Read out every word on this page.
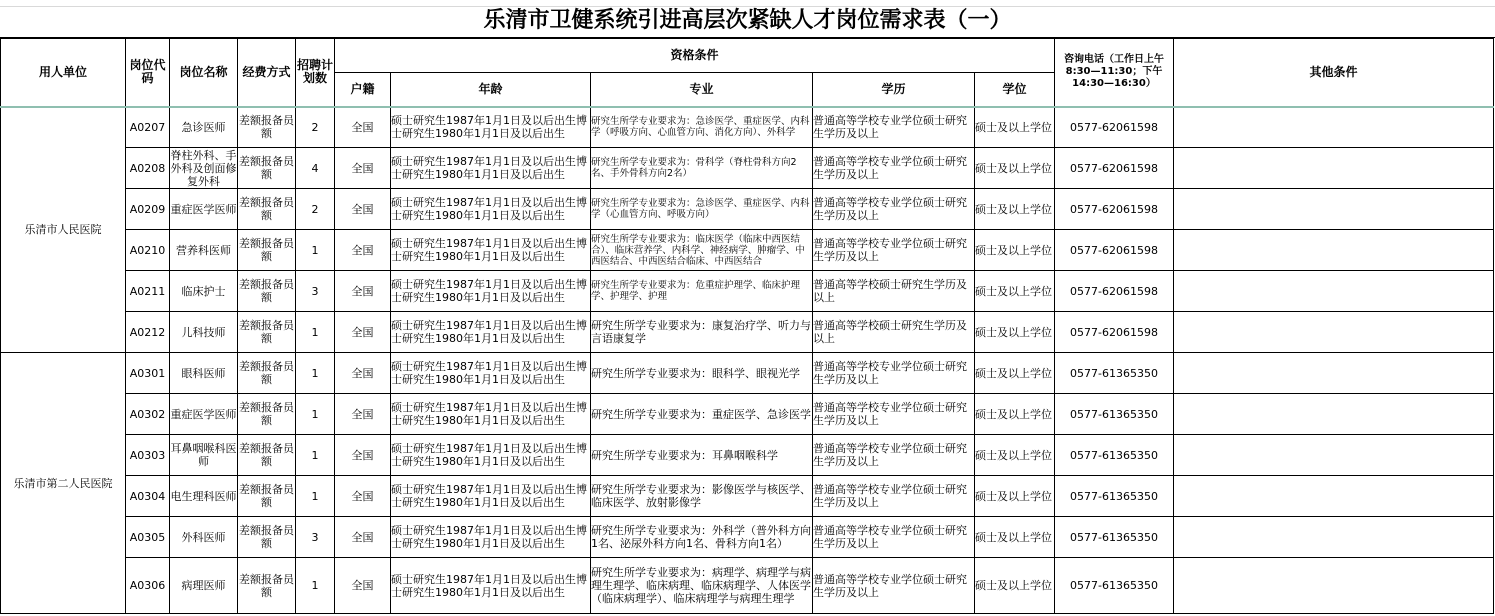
乐清市卫健系统引进高层次紧缺人才岗位需求表（一）
用人单位	岗位代码	岗位名称	经费方式	招聘计划数	资格条件					咨询电话（工作日上午8:30—11:30；下午14:30—16:30）	其他条件
					户籍	年龄	专业	学历	学位		
乐清市人民医院	A0207	急诊医师	差额报备员额	2	全国	硕士研究生1987年1月1日及以后出生博士研究生1980年1月1日及以后出生	研究生所学专业要求为：急诊医学、重症医学、内科学（呼吸方向、心血管方向、消化方向）、外科学	普通高等学校专业学位硕士研究生学历及以上	硕士及以上学位	0577-62061598	
	A0208	脊柱外科、手外科及创面修复外科	差额报备员额	4	全国	硕士研究生1987年1月1日及以后出生博士研究生1980年1月1日及以后出生	研究生所学专业要求为：骨科学（脊柱骨科方向2名、手外骨科方向2名）	普通高等学校专业学位硕士研究生学历及以上	硕士及以上学位	0577-62061598	
	A0209	重症医学医师	差额报备员额	2	全国	硕士研究生1987年1月1日及以后出生博士研究生1980年1月1日及以后出生	研究生所学专业要求为：急诊医学、重症医学、内科学（心血管方向、呼吸方向）	普通高等学校专业学位硕士研究生学历及以上	硕士及以上学位	0577-62061598	
	A0210	营养科医师	差额报备员额	1	全国	硕士研究生1987年1月1日及以后出生博士研究生1980年1月1日及以后出生	研究生所学专业要求为：临床医学（临床中西医结合）、临床营养学、内科学、神经病学、肿瘤学、中西医结合、中西医结合临床、中西医结合	普通高等学校专业学位硕士研究生学历及以上	硕士及以上学位	0577-62061598	
	A0211	临床护士	差额报备员额	3	全国	硕士研究生1987年1月1日及以后出生博士研究生1980年1月1日及以后出生	研究生所学专业要求为：危重症护理学、临床护理学、护理学、护理	普通高等学校硕士研究生学历及以上	硕士及以上学位	0577-62061598	
	A0212	儿科技师	差额报备员额	1	全国	硕士研究生1987年1月1日及以后出生博士研究生1980年1月1日及以后出生	研究生所学专业要求为：康复治疗学、听力与言语康复学	普通高等学校硕士研究生学历及以上	硕士及以上学位	0577-62061598	
乐清市第二人民医院	A0301	眼科医师	差额报备员额	1	全国	硕士研究生1987年1月1日及以后出生博士研究生1980年1月1日及以后出生	研究生所学专业要求为：眼科学、眼视光学	普通高等学校专业学位硕士研究生学历及以上	硕士及以上学位	0577-61365350	
	A0302	重症医学医师	差额报备员额	1	全国	硕士研究生1987年1月1日及以后出生博士研究生1980年1月1日及以后出生	研究生所学专业要求为：重症医学、急诊医学	普通高等学校专业学位硕士研究生学历及以上	硕士及以上学位	0577-61365350	
	A0303	耳鼻咽喉科医师	差额报备员额	1	全国	硕士研究生1987年1月1日及以后出生博士研究生1980年1月1日及以后出生	研究生所学专业要求为：耳鼻咽喉科学	普通高等学校专业学位硕士研究生学历及以上	硕士及以上学位	0577-61365350	
	A0304	电生理科医师	差额报备员额	1	全国	硕士研究生1987年1月1日及以后出生博士研究生1980年1月1日及以后出生	研究生所学专业要求为：影像医学与核医学、临床医学、放射影像学	普通高等学校专业学位硕士研究生学历及以上	硕士及以上学位	0577-61365350	
	A0305	外科医师	差额报备员额	3	全国	硕士研究生1987年1月1日及以后出生博士研究生1980年1月1日及以后出生	研究生所学专业要求为：外科学（普外科方向1名、泌尿外科方向1名、骨科方向1名）	普通高等学校专业学位硕士研究生学历及以上	硕士及以上学位	0577-61365350	
	A0306	病理医师	差额报备员额	1	全国	硕士研究生1987年1月1日及以后出生博士研究生1980年1月1日及以后出生	研究生所学专业要求为：病理学、病理学与病理生理学、临床病理、临床病理学、人体医学（临床病理学）、临床病理学与病理生理学	普通高等学校专业学位硕士研究生学历及以上	硕士及以上学位	0577-61365350	
